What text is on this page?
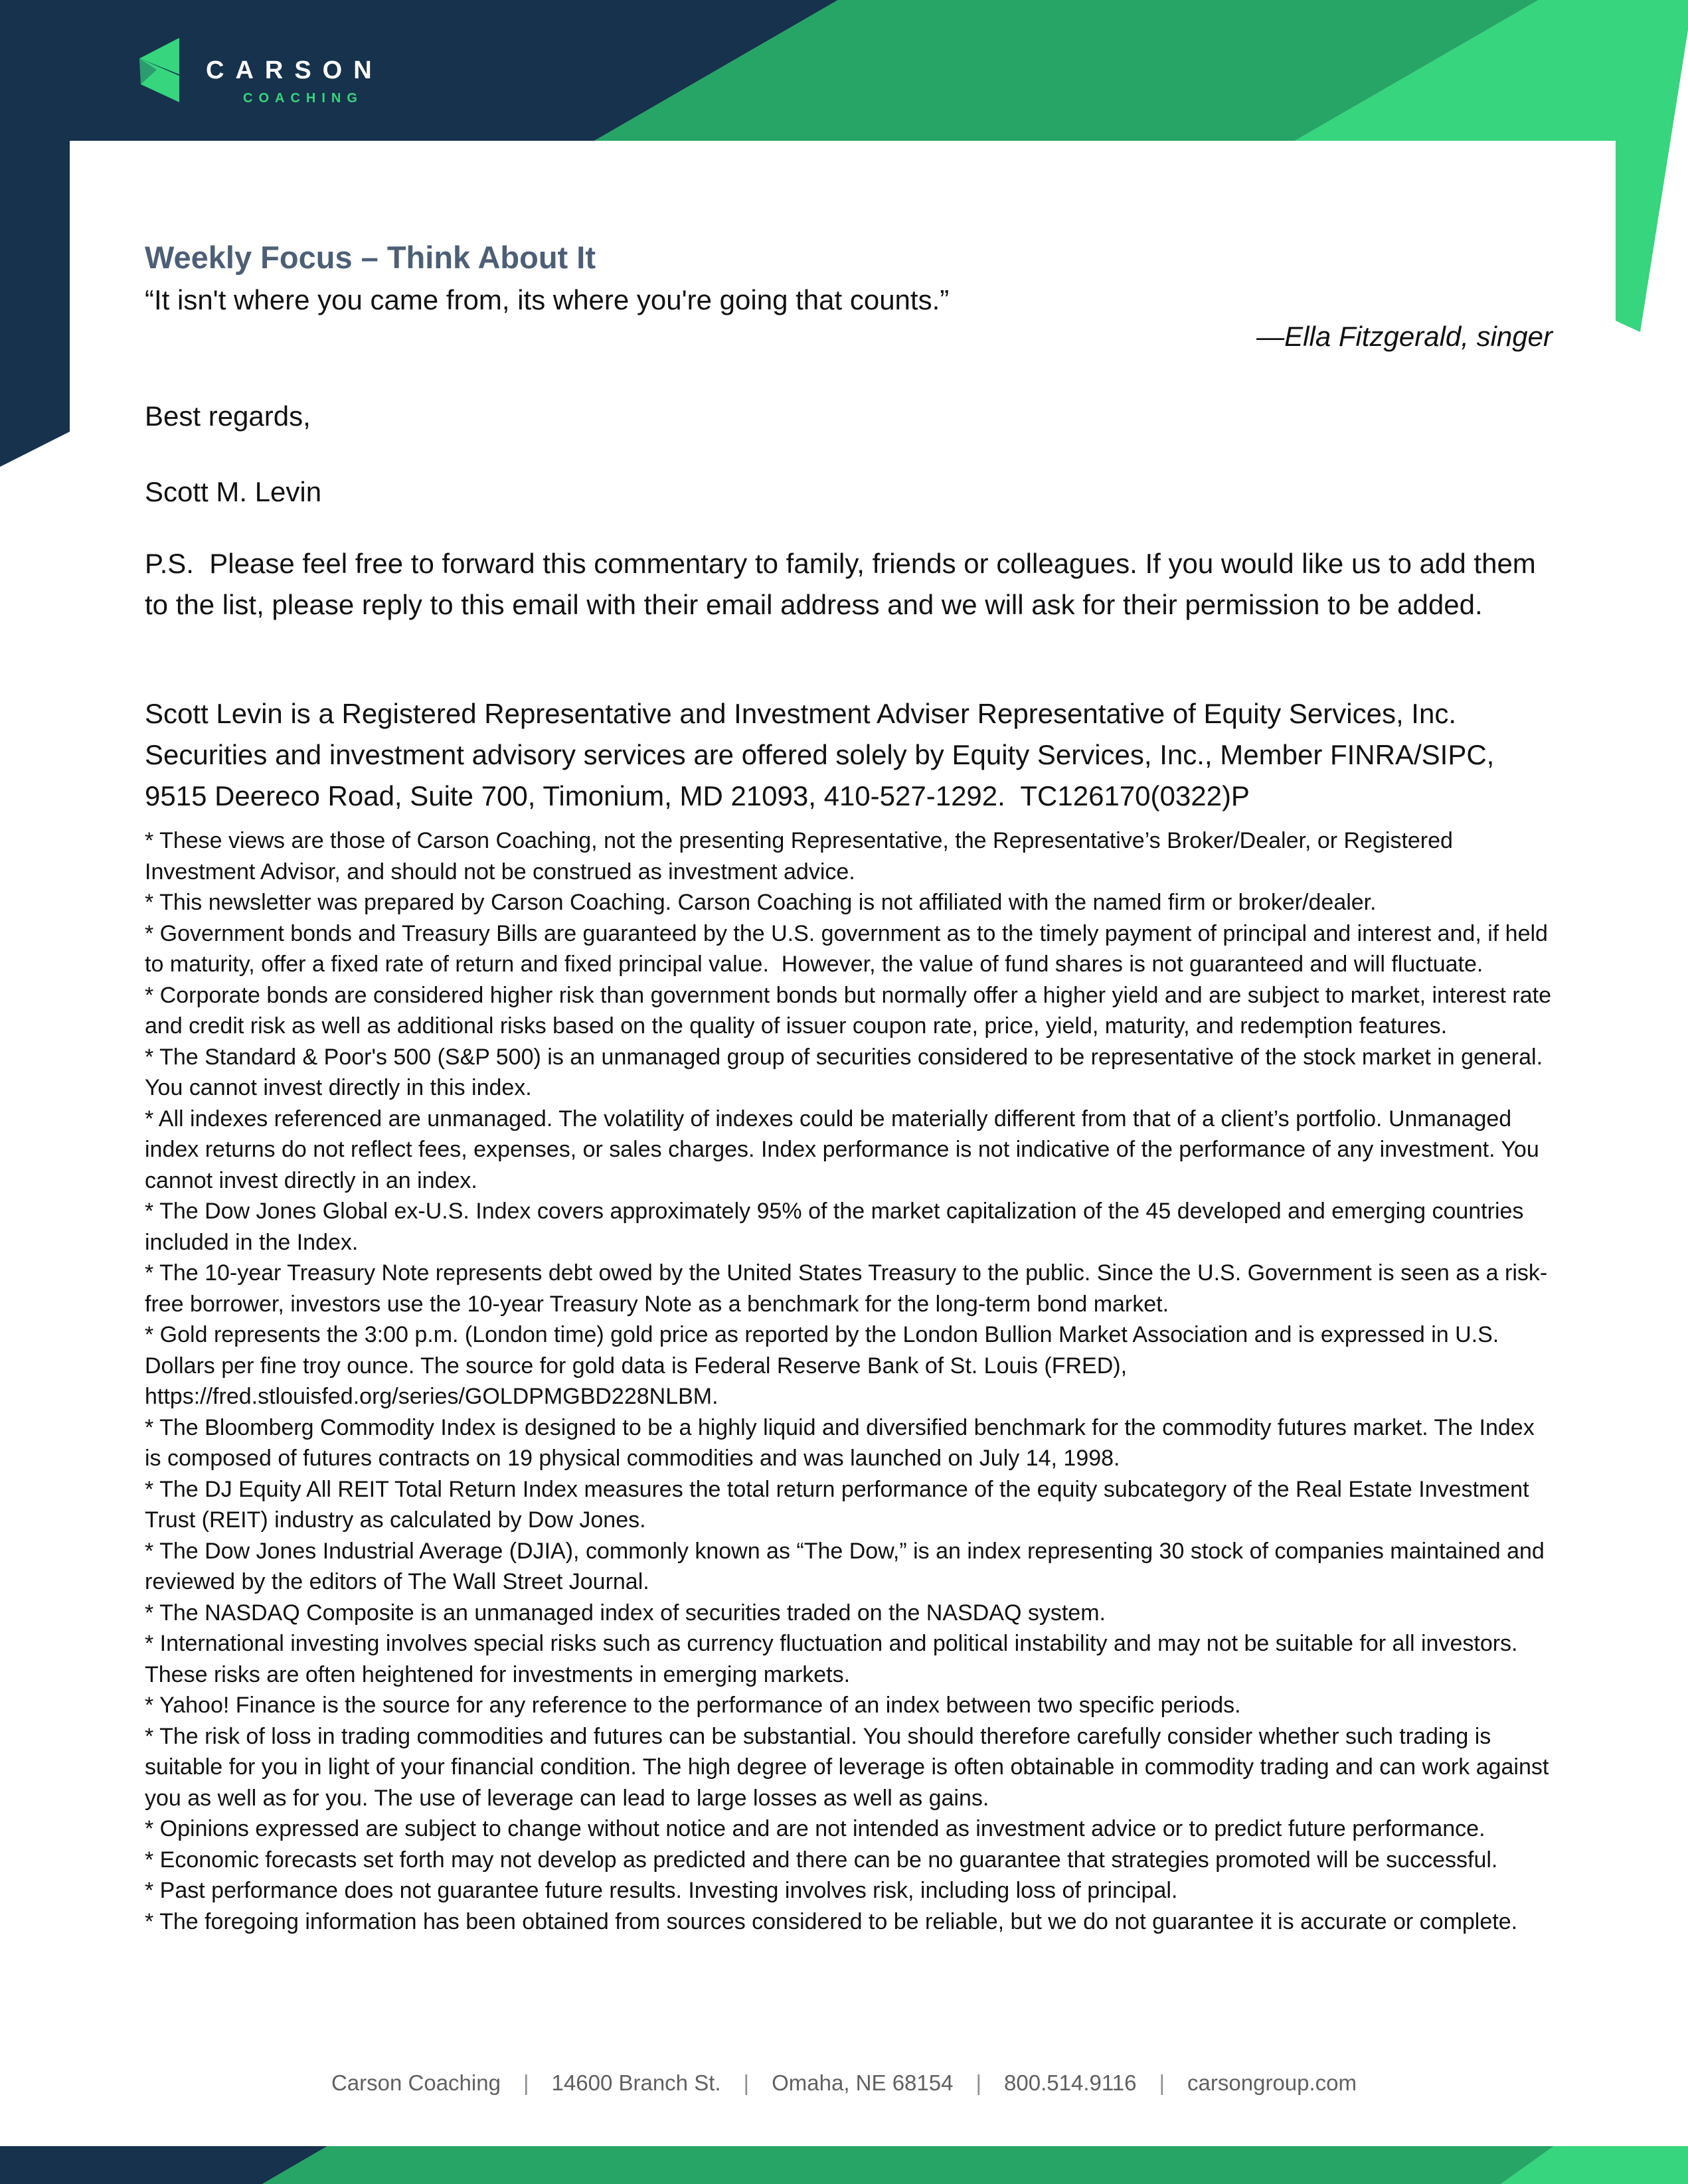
CARSON
COACHING
Weekly Focus – Think About It
“It isn't where you came from, its where you're going that counts.”
—Ella Fitzgerald, singer
Best regards,
Scott M. Levin
P.S.  Please feel free to forward this commentary to family, friends or colleagues. If you would like us to add them to the list, please reply to this email with their email address and we will ask for their permission to be added.
Scott Levin is a Registered Representative and Investment Adviser Representative of Equity Services, Inc. Securities and investment advisory services are offered solely by Equity Services, Inc., Member FINRA/SIPC, 9515 Deereco Road, Suite 700, Timonium, MD 21093, 410-527-1292.  TC126170(0322)P
* These views are those of Carson Coaching, not the presenting Representative, the Representative’s Broker/Dealer, or Registered Investment Advisor, and should not be construed as investment advice.
* This newsletter was prepared by Carson Coaching. Carson Coaching is not affiliated with the named firm or broker/dealer.
* Government bonds and Treasury Bills are guaranteed by the U.S. government as to the timely payment of principal and interest and, if held to maturity, offer a fixed rate of return and fixed principal value.  However, the value of fund shares is not guaranteed and will fluctuate.
* Corporate bonds are considered higher risk than government bonds but normally offer a higher yield and are subject to market, interest rate and credit risk as well as additional risks based on the quality of issuer coupon rate, price, yield, maturity, and redemption features.
* The Standard & Poor's 500 (S&P 500) is an unmanaged group of securities considered to be representative of the stock market in general. You cannot invest directly in this index.
* All indexes referenced are unmanaged. The volatility of indexes could be materially different from that of a client’s portfolio. Unmanaged index returns do not reflect fees, expenses, or sales charges. Index performance is not indicative of the performance of any investment. You cannot invest directly in an index.
* The Dow Jones Global ex-U.S. Index covers approximately 95% of the market capitalization of the 45 developed and emerging countries included in the Index.
* The 10-year Treasury Note represents debt owed by the United States Treasury to the public. Since the U.S. Government is seen as a risk-free borrower, investors use the 10-year Treasury Note as a benchmark for the long-term bond market.
* Gold represents the 3:00 p.m. (London time) gold price as reported by the London Bullion Market Association and is expressed in U.S. Dollars per fine troy ounce. The source for gold data is Federal Reserve Bank of St. Louis (FRED), https://fred.stlouisfed.org/series/GOLDPMGBD228NLBM.
* The Bloomberg Commodity Index is designed to be a highly liquid and diversified benchmark for the commodity futures market. The Index is composed of futures contracts on 19 physical commodities and was launched on July 14, 1998.
* The DJ Equity All REIT Total Return Index measures the total return performance of the equity subcategory of the Real Estate Investment Trust (REIT) industry as calculated by Dow Jones.
* The Dow Jones Industrial Average (DJIA), commonly known as “The Dow,” is an index representing 30 stock of companies maintained and reviewed by the editors of The Wall Street Journal.
* The NASDAQ Composite is an unmanaged index of securities traded on the NASDAQ system.
* International investing involves special risks such as currency fluctuation and political instability and may not be suitable for all investors. These risks are often heightened for investments in emerging markets.
* Yahoo! Finance is the source for any reference to the performance of an index between two specific periods.
* The risk of loss in trading commodities and futures can be substantial. You should therefore carefully consider whether such trading is suitable for you in light of your financial condition. The high degree of leverage is often obtainable in commodity trading and can work against you as well as for you. The use of leverage can lead to large losses as well as gains.
* Opinions expressed are subject to change without notice and are not intended as investment advice or to predict future performance.
* Economic forecasts set forth may not develop as predicted and there can be no guarantee that strategies promoted will be successful.
* Past performance does not guarantee future results. Investing involves risk, including loss of principal.
* The foregoing information has been obtained from sources considered to be reliable, but we do not guarantee it is accurate or complete.
Carson Coaching | 14600 Branch St. | Omaha, NE 68154 | 800.514.9116 | carsongroup.com
